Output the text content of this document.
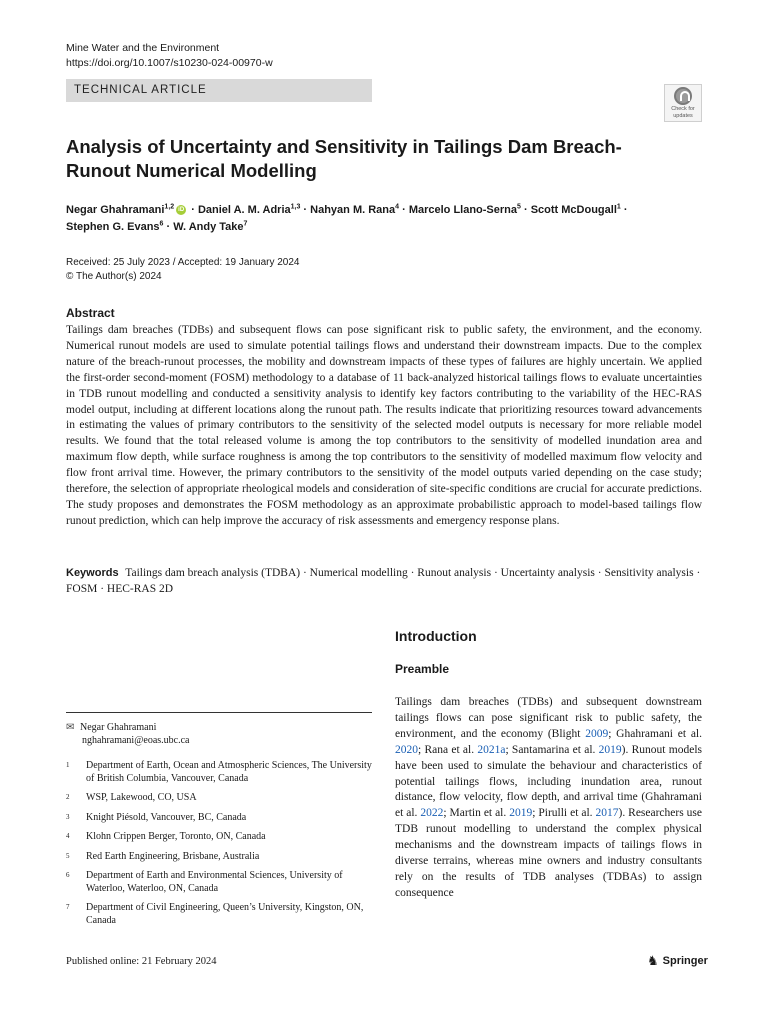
Mine Water and the Environment
https://doi.org/10.1007/s10230-024-00970-w
TECHNICAL ARTICLE
Check for
updates
Analysis of Uncertainty and Sensitivity in Tailings Dam Breach-Runout Numerical Modelling
Negar Ghahramani$^{1,2}$ iD · Daniel A. M. Adria$^{1,3}$ · Nahyan M. Rana$^4$ · Marcelo Llano-Serna$^5$ · Scott McDougall$^1$ ·
Stephen G. Evans$^6$ · W. Andy Take$^7$
Received: 25 July 2023 / Accepted: 19 January 2024
© The Author(s) 2024
Abstract

Tailings dam breaches (TDBs) and subsequent flows can pose significant risk to public safety, the environment, and the economy. Numerical runout models are used to simulate potential tailings flows and understand their downstream impacts. Due to the complex nature of the breach-runout processes, the mobility and downstream impacts of these types of failures are highly uncertain. We applied the first-order second-moment (FOSM) methodology to a database of 11 back-analyzed historical tailings flows to evaluate uncertainties in TDB runout modelling and conducted a sensitivity analysis to identify key factors contributing to the variability of the HEC-RAS model output, including at different locations along the runout path. The results indicate that prioritizing resources toward advancements in estimating the values of primary contributors to the sensitivity of the selected model outputs is necessary for more reliable model results. We found that the total released volume is among the top contributors to the sensitivity of modelled inundation area and maximum flow depth, while surface roughness is among the top contributors to the sensitivity of modelled maximum flow velocity and flow front arrival time. However, the primary contributors to the sensitivity of the model outputs varied depending on the case study; therefore, the selection of appropriate rheological models and consideration of site-specific conditions are crucial for accurate predictions. The study proposes and demonstrates the FOSM methodology as an approximate probabilistic approach to model-based tailings flow runout prediction, which can help improve the accuracy of risk assessments and emergency response plans.

Keywords Tailings dam breach analysis (TDBA) · Numerical modelling · Runout analysis · Uncertainty analysis · Sensitivity analysis · FOSM · HEC-RAS 2D

Introduction
Preamble

Tailings dam breaches (TDBs) and subsequent downstream tailings flows can pose significant risk to public safety, the environment, and the economy (Blight 2009; Ghahramani et al. 2020; Rana et al. 2021a; Santamarina et al. 2019). Runout models have been used to simulate the behaviour and characteristics of potential tailings flows, including inundation area, runout distance, flow velocity, flow depth, and arrival time (Ghahramani et al. 2022; Martin et al. 2019; Pirulli et al. 2017). Researchers use TDB runout modelling to understand the complex physical mechanisms and the downstream impacts of tailings flows in diverse terrains, whereas mine owners and industry consultants rely on the results of TDB analyses (TDBAs) to assign consequence

✉ Negar Ghahramani
nghahramani@eoas.ubc.ca
1 Department of Earth, Ocean and Atmospheric Sciences, The University of British Columbia, Vancouver, Canada
2 WSP, Lakewood, CO, USA
3 Knight Piésold, Vancouver, BC, Canada
4 Klohn Crippen Berger, Toronto, ON, Canada
5 Red Earth Engineering, Brisbane, Australia
6 Department of Earth and Environmental Sciences, University of Waterloo, Waterloo, ON, Canada
7 Department of Civil Engineering, Queen’s University, Kingston, ON, Canada
Published online: 21 February 2024	♞ Springer
